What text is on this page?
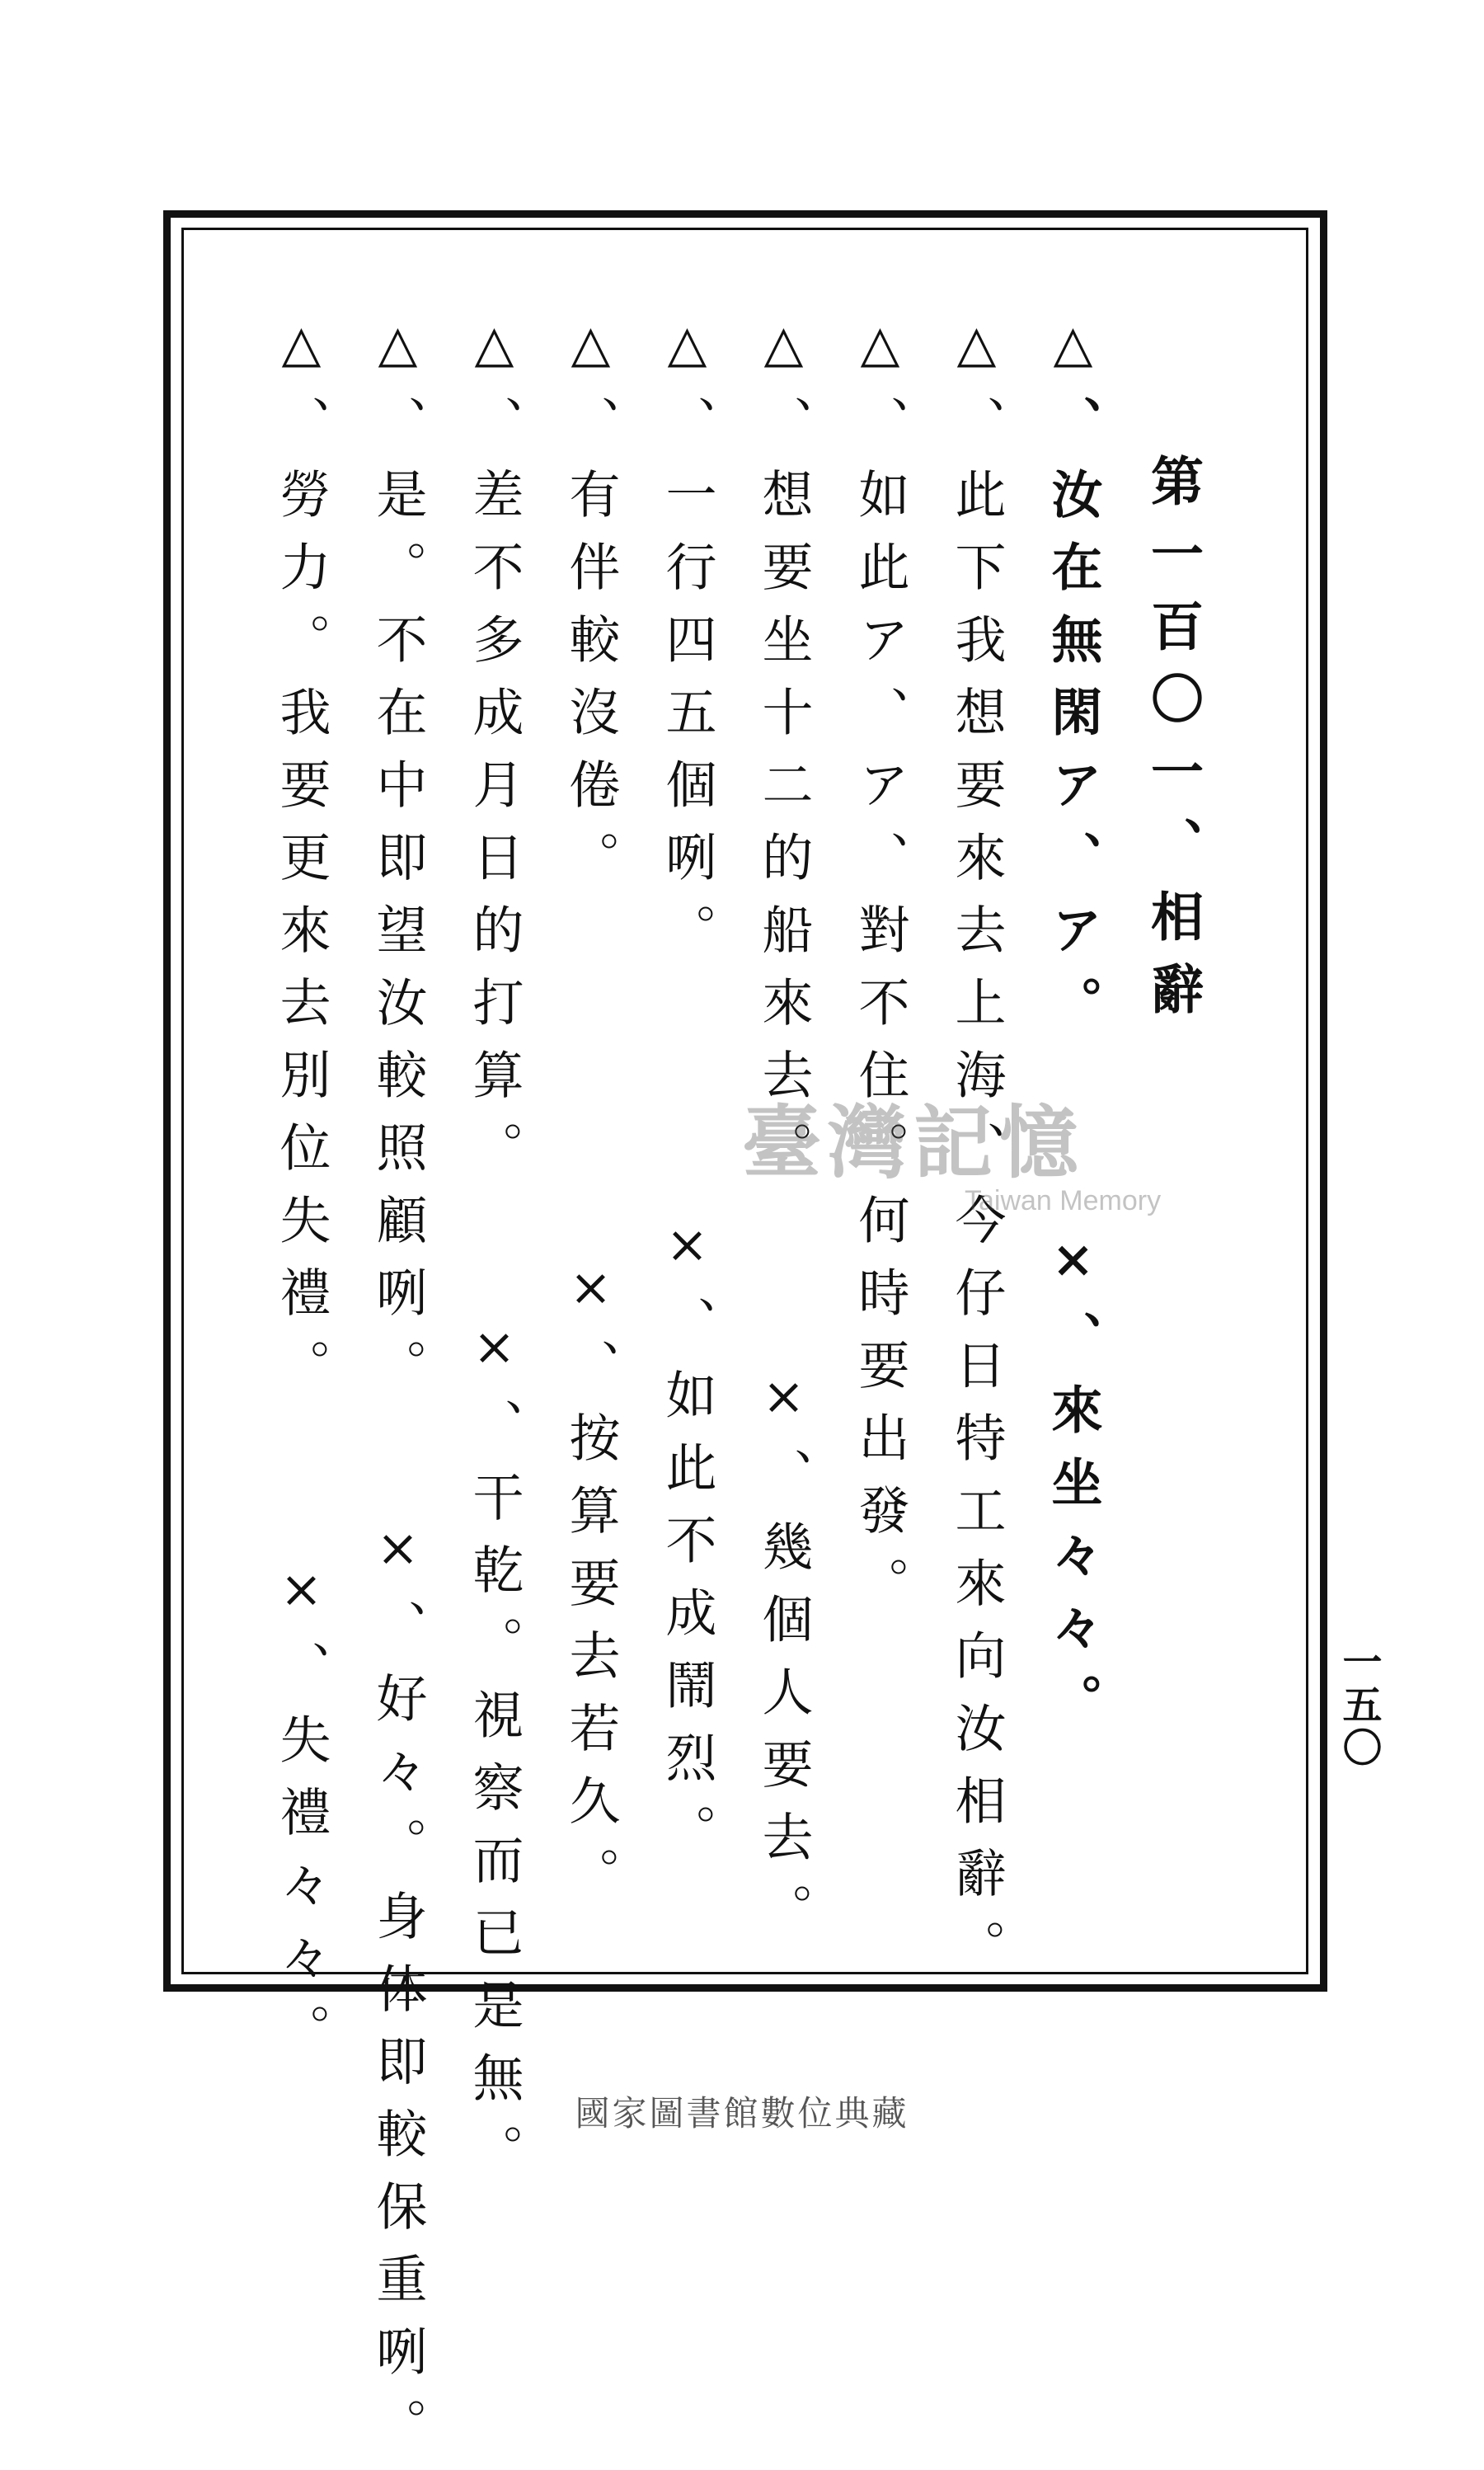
第一百〇一、相辭
△、汝在無閑ア、ア。 ×、來坐々々。
△、此下我想要來去上海、今仔日特工來向汝相辭。
△、如此ア、ア、對不住。何時要出發。
△、想要坐十二的船來去。 ×、幾個人要去。
△、一行四五個咧。 ×、如此不成鬧烈。
△、有伴較沒倦。 ×、按算要去若久。
△、差不多成月日的打算。 ×、干乾。視察而已是無。
△、是。不在中即望汝較照顧咧。 ×、好々。身体即較保重咧。
△、勞力。我要更來去別位失禮。 ×、失禮々々。	一五〇
臺灣記憶
Taiwan Memory
國家圖書館數位典藏
